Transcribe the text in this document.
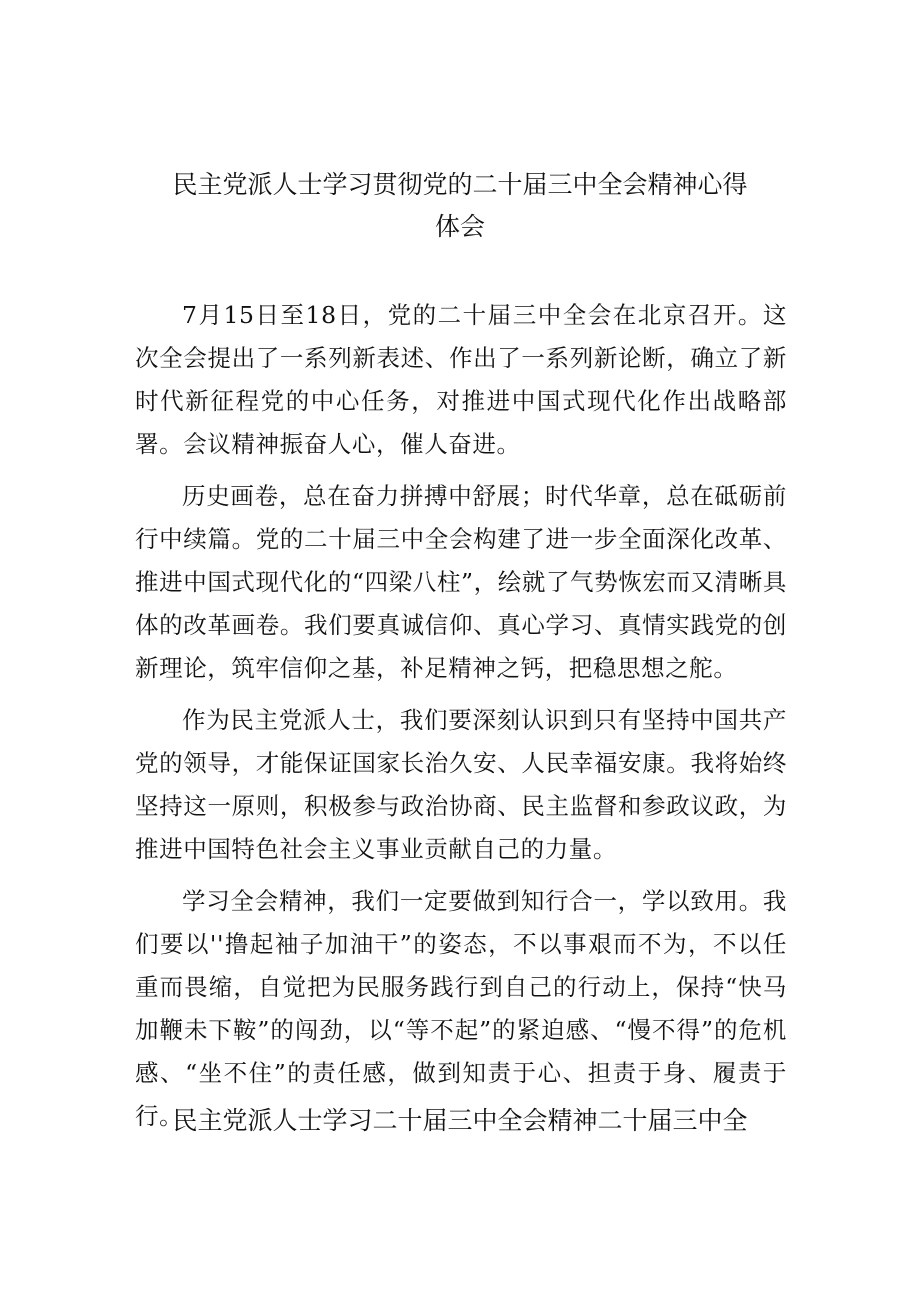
民主党派人士学习贯彻党的二十届三中全会精神心得
体会

7月15日至18日，党的二十届三中全会在北京召开。这次全会提出了一系列新表述、作出了一系列新论断，确立了新时代新征程党的中心任务，对推进中国式现代化作出战略部署。会议精神振奋人心，催人奋进。

历史画卷，总在奋力拼搏中舒展；时代华章，总在砥砺前行中续篇。党的二十届三中全会构建了进一步全面深化改革、推进中国式现代化的“四梁八柱”，绘就了气势恢宏而又清晰具体的改革画卷。我们要真诚信仰、真心学习、真情实践党的创新理论，筑牢信仰之基，补足精神之钙，把稳思想之舵。

作为民主党派人士，我们要深刻认识到只有坚持中国共产党的领导，才能保证国家长治久安、人民幸福安康。我将始终坚持这一原则，积极参与政治协商、民主监督和参政议政，为推进中国特色社会主义事业贡献自己的力量。

学习全会精神，我们一定要做到知行合一，学以致用。我们要以''撸起袖子加油干”的姿态，不以事艰而不为，不以任重而畏缩，自觉把为民服务践行到自己的行动上，保持“快马加鞭未下鞍”的闯劲，以“等不起”的紧迫感、“慢不得”的危机感、“坐不住”的责任感，做到知责于心、担责于身、履责于行。

民主党派人士学习二十届三中全会精神二十届三中全
